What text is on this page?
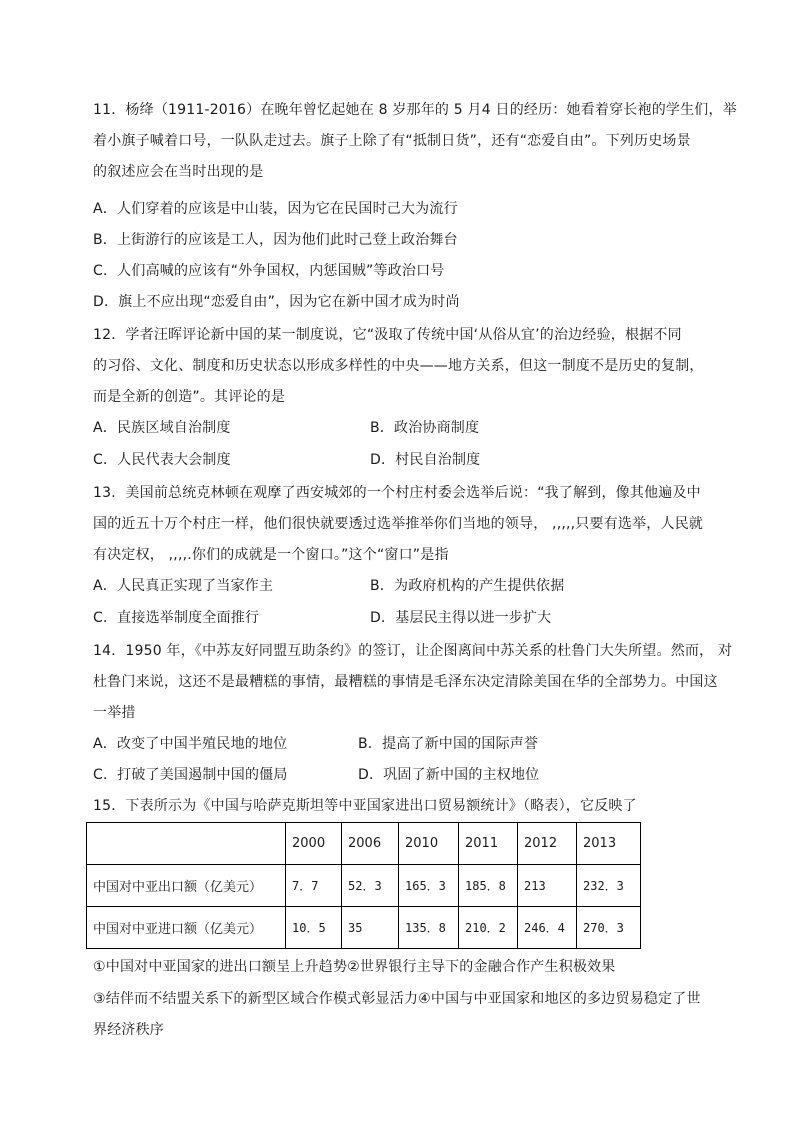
11．杨绛（1911-2016）在晚年曾忆起她在 8 岁那年的 5 月4 日的经历：她看着穿长袍的学生们，举
着小旗子喊着口号，一队队走过去。旗子上除了有“抵制日货”，还有“恋爱自由”。下列历史场景
的叙述应会在当时出现的是
A．人们穿着的应该是中山装，因为它在民国时己大为流行
B．上街游行的应该是工人，因为他们此时己登上政治舞台
C．人们高喊的应该有“外争国权，内惩国贼”等政治口号
D．旗上不应出现“恋爱自由”，因为它在新中国才成为时尚
12．学者汪晖评论新中国的某一制度说，它“汲取了传统中国‘从俗从宜’的治边经验，根据不同
的习俗、文化、制度和历史状态以形成多样性的中央——地方关系，但这一制度不是历史的复制，
而是全新的创造”。其评论的是
A．民族区域自治制度	B．政治协商制度
C．人民代表大会制度	D．村民自治制度
13．美国前总统克林顿在观摩了西安城郊的一个村庄村委会选举后说：“我了解到，像其他遍及中
国的近五十万个村庄一样，他们很快就要透过选举推举你们当地的领导， ,,,,,只要有选举，人民就
有决定权， ,,,,.你们的成就是一个窗口。”这个“窗口”是指
A．人民真正实现了当家作主	B．为政府机构的产生提供依据
C．直接选举制度全面推行	D．基层民主得以进一步扩大
14．1950 年，《中苏友好同盟互助条约》的签订，让企图离间中苏关系的杜鲁门大失所望。然而， 对
杜鲁门来说，这还不是最糟糕的事情，最糟糕的事情是毛泽东决定清除美国在华的全部势力。中国这
一举措
A．改变了中国半殖民地的地位	B．提高了新中国的国际声誉
C．打破了美国遏制中国的僵局	D．巩固了新中国的主权地位
15．下表所示为《中国与哈萨克斯坦等中亚国家进出口贸易额统计》（略表），它反映了
	2000	2006	2010	2011	2012	2013
中国对中亚出口额（亿美元）	7．7	52．3	165．3	185．8	213	232．3
中国对中亚进口额（亿美元）	10．5	35	135．8	210．2	246．4	270．3
①中国对中亚国家的进出口额呈上升趋势②世界银行主导下的金融合作产生积极效果
③结伴而不结盟关系下的新型区域合作模式彰显活力④中国与中亚国家和地区的多边贸易稳定了世
界经济秩序
